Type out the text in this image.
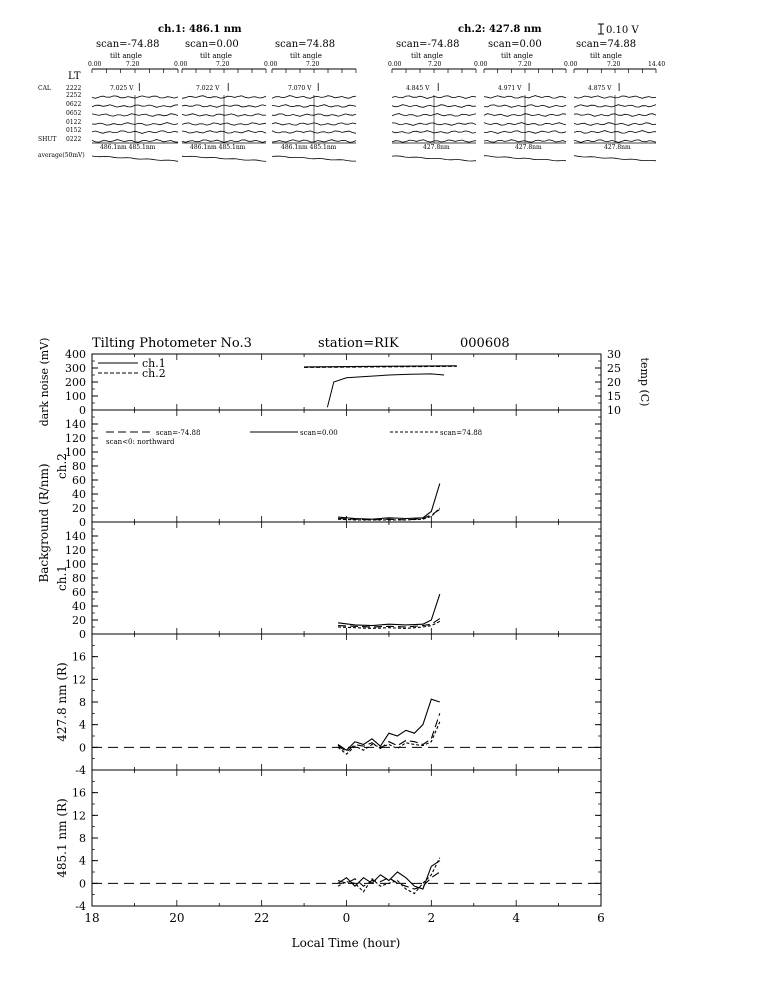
ch.1: 486.1 nm	ch.2: 427.8 nm	0.10 V
scan=-74.88	scan=0.00	scan=74.88	scan=-74.88	scan=0.00	scan=74.88
tilt angle	tilt angle	tilt angle	tilt angle	tilt angle	tilt angle
0.00	7.20	0.00	7.20	0.00	7.20	0.00	7.20	0.00	7.20	0.00	7.20	14.40
LT
CAL	2222
2252
0622
0652
0122
0152
SHUT 0222
average(50mV)
7.025 V	7.022 V	7.070 V	4.845 V	4.971 V	4.875 V
486.1nm 485.1nm	486.1nm 485.1nm	486.1nm 485.1nm	427.8nm	427.8nm	427.8nm
Tilting Photometer No.3	station=RIK	000608
Local Time (hour)
Background (R/nm)
0
100
200
300
400
dark noise (mV)	10
15
20
25
30
temp (C)
ch.1
ch.2
0
20
40
60
80
100
120
140
ch.2
scan=-74.88	scan=0.00	scan=74.88
scan<0: northward
0
20
40
60
80
100
120
140
ch.1
-4
0
4
8
12
16
427.8 nm (R)
-4
0
4
8
12
16
18	20	22	0	2	4	6
485.1 nm (R)
